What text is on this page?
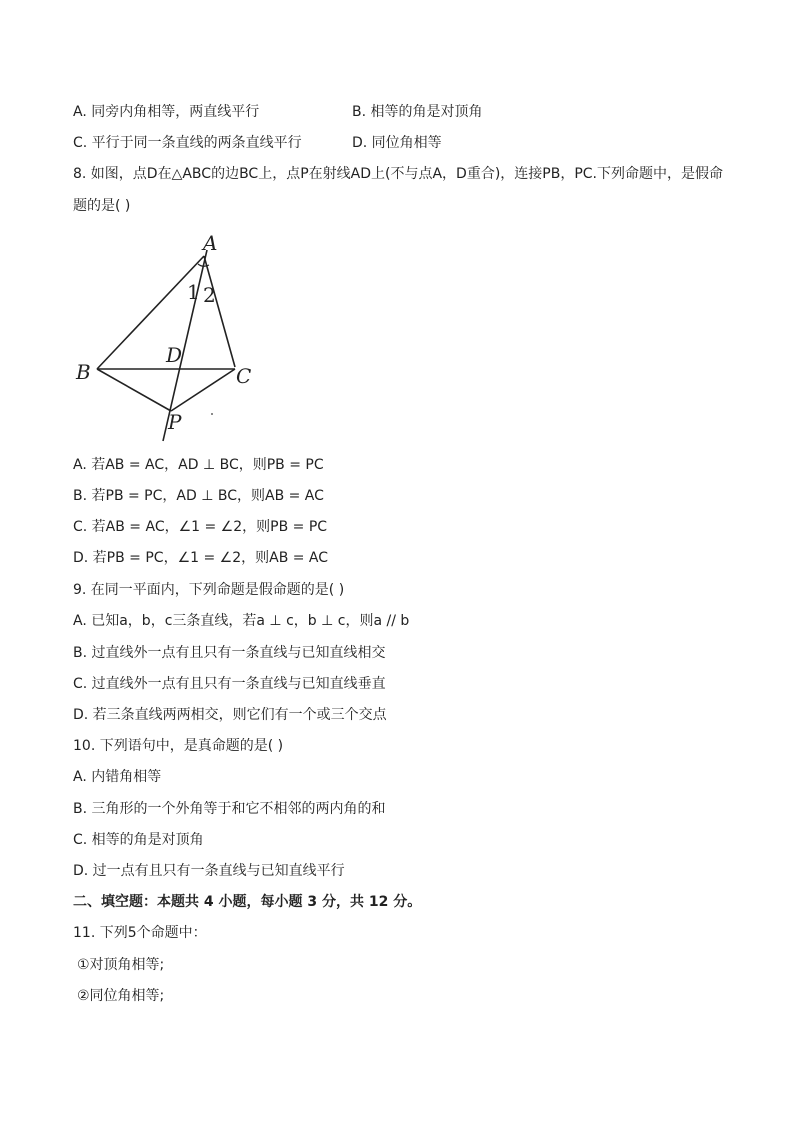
A. 同旁内角相等，两直线平行	B. 相等的角是对顶角
C. 平行于同一条直线的两条直线平行	D. 同位角相等
8. 如图，点D在△ABC的边BC上，点P在射线AD上(不与点A，D重合)，连接PB，PC.下列命题中，是假命
题的是( )
A
B	C
D
P
1 2
A. 若AB = AC，AD ⊥ BC，则PB = PC
B. 若PB = PC，AD ⊥ BC，则AB = AC
C. 若AB = AC，∠1 = ∠2，则PB = PC
D. 若PB = PC，∠1 = ∠2，则AB = AC
9. 在同一平面内，下列命题是假命题的是( )
A. 已知a，b，c三条直线，若a ⊥ c，b ⊥ c，则a // b
B. 过直线外一点有且只有一条直线与已知直线相交
C. 过直线外一点有且只有一条直线与已知直线垂直
D. 若三条直线两两相交，则它们有一个或三个交点
10. 下列语句中，是真命题的是( )
A. 内错角相等
B. 三角形的一个外角等于和它不相邻的两内角的和
C. 相等的角是对顶角
D. 过一点有且只有一条直线与已知直线平行
二、填空题：本题共 4 小题，每小题 3 分，共 12 分。
11. 下列5个命题中：
①对顶角相等;
②同位角相等;
